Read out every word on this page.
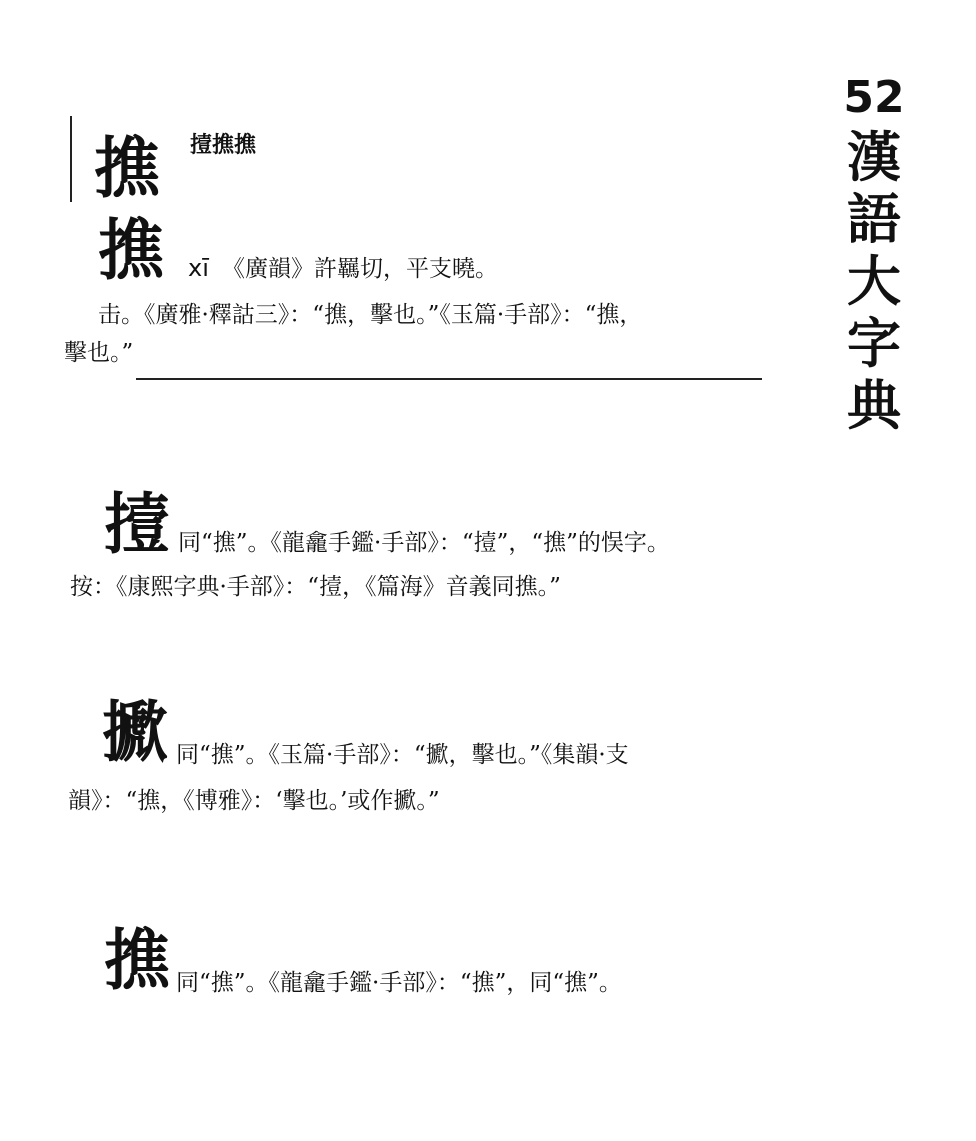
52
漢
語
大
字
典
撨 撎撨撨
撨 xī 《廣韻》許羈切，平支曉。
击。《廣雅·釋詁三》：“撨，擊也。”《玉篇·手部》：“撨，
擊也。”
撎 同“撨”。《龍龕手鑑·手部》：“撎”，“撨”的悮字。
按：《康熙字典·手部》：“撎，《篇海》音義同撨。”
擨 同“撨”。《玉篇·手部》：“擨，擊也。”《集韻·支
韻》：“撨，《博雅》：‘擊也。’或作擨。”
撨 同“撨”。《龍龕手鑑·手部》：“撨”，同“撨”。
